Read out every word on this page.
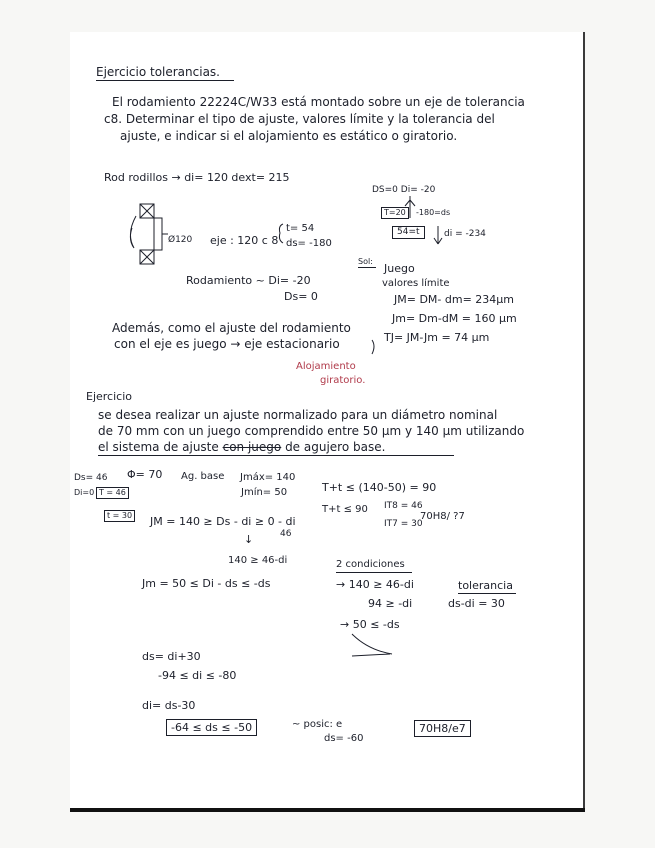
Ejercicio tolerancias.
El rodamiento 22224C/W33 está montado sobre un eje de tolerancia
c8. Determinar el tipo de ajuste, valores límite y la tolerancia del
ajuste, e indicar si el alojamiento es estático o giratorio.
Rod rodillos → di= 120 dext= 215
Ø120 eje : 120 c 8
t= 54
ds= -180
DS=0 Di= -20
T=20	-180=ds
54=t	di = -234
Rodamiento ~ Di= -20
Ds= 0
Sol:
Juego
valores límite
JM= DM- dm= 234μm
Jm= Dm-dM = 160 μm
TJ= JM-Jm = 74 μm
Además, como el ajuste del rodamiento
con el eje es juego → eje estacionario
Alojamiento
giratorio.
Ejercicio
se desea realizar un ajuste normalizado para un diámetro nominal
de 70 mm con un juego comprendido entre 50 μm y 140 μm utilizando
el sistema de ajuste con juego de agujero base.
Ds= 46 Φ= 70 Ag. base Jmáx= 140
Jmín= 50	T+t ≤ (140-50) = 90
Di=0 T = 46
t = 30
T+t ≤ 90 IT8 = 46
IT7 = 30
70H8/ ?7
JM = 140 ≥ Ds - di ≥ 0 - di
46
↓
140 ≥ 46-di	2 condiciones
Jm = 50 ≤ Di - ds ≤ -ds	→ 140 ≥ 46-di
94 ≥ -di
→ 50 ≤ -ds
tolerancia
ds-di = 30
ds= di+30
-94 ≤ di ≤ -80
di= ds-30
-64 ≤ ds ≤ -50	~ posic: e
ds= -60
70H8/e7
